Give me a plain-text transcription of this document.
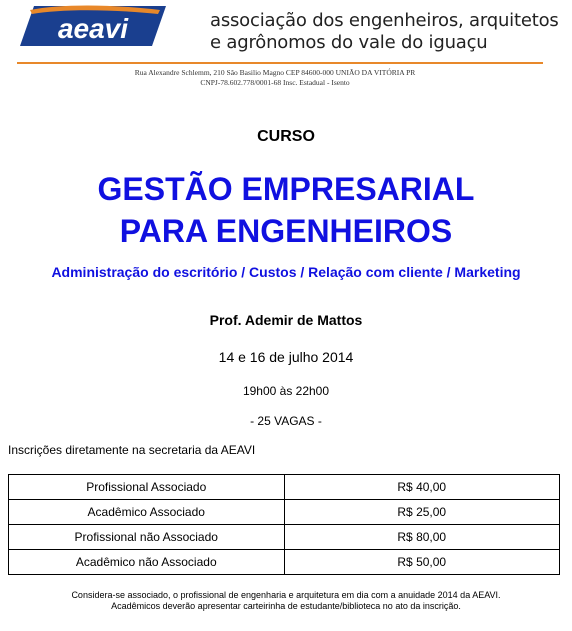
aeavi	associação dos engenheiros, arquitetos
e agrônomos do vale do iguaçu
Rua Alexandre Schlemm, 210 São Basilio Magno CEP 84600-000 UNIÃO DA VITÓRIA PR
CNPJ-78.602.778/0001-68 Insc. Estadual - Isento
CURSO
GESTÃO EMPRESARIAL
PARA ENGENHEIROS
Administração do escritório / Custos / Relação com cliente / Marketing
Prof. Ademir de Mattos
14 e 16 de julho 2014
19h00 às 22h00
- 25 VAGAS -
Inscrições diretamente na secretaria da AEAVI
Profissional Associado	R$ 40,00
Acadêmico Associado	R$ 25,00
Profissional não Associado	R$ 80,00
Acadêmico não Associado	R$ 50,00
Considera-se associado, o profissional de engenharia e arquitetura em dia com a anuidade 2014 da AEAVI.
Acadêmicos deverão apresentar carteirinha de estudante/biblioteca no ato da inscrição.
